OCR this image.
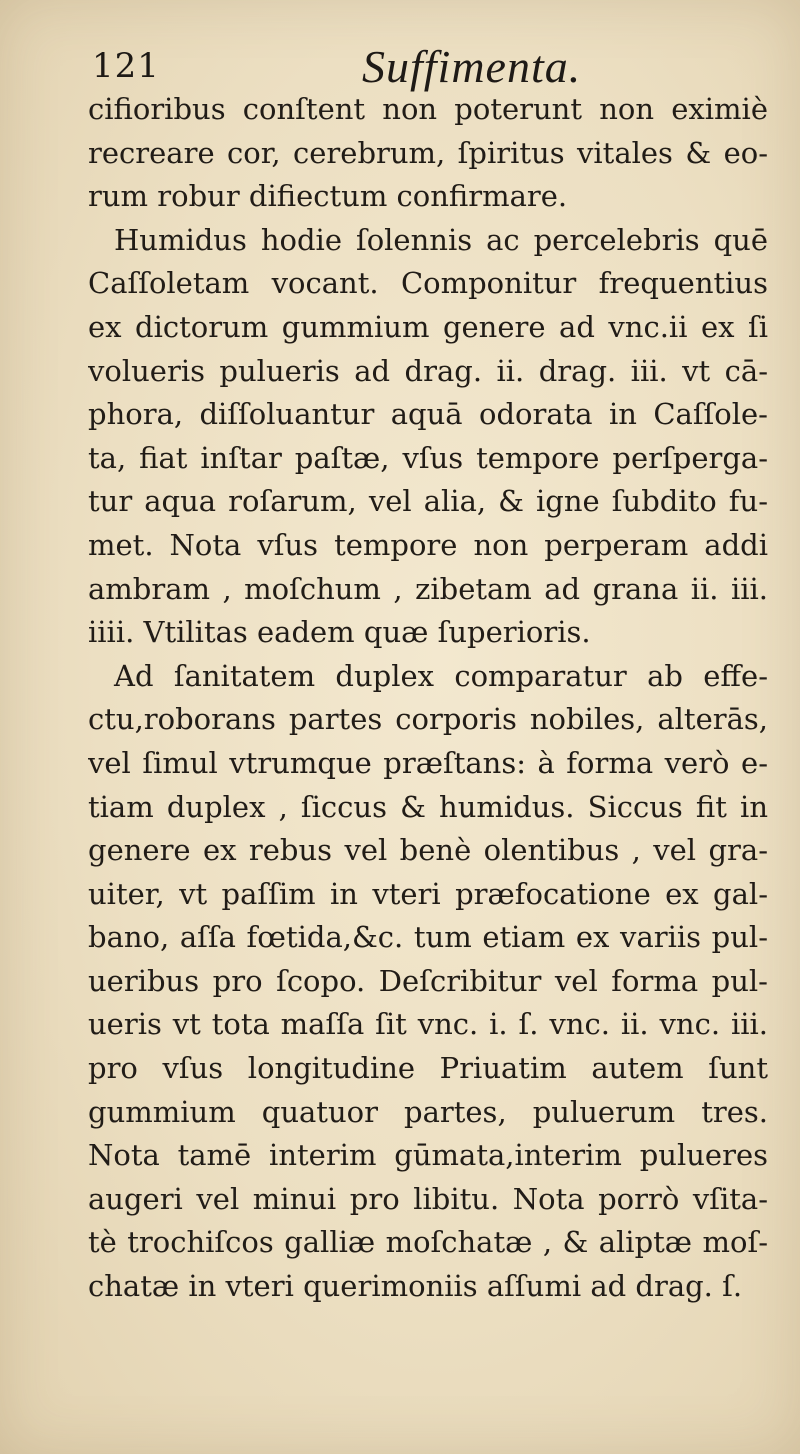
121	Suffimenta.
cifioribus conſtent non poterunt non eximiè
recreare cor, cerebrum, ſpiritus vitales & eo-
rum robur difiectum confirmare.
Humidus hodie ſolennis ac percelebris quē
Caſſoletam vocant. Componitur frequentius
ex dictorum gummium genere ad vnc.ii ex ſi
volueris pulueris ad drag. ii. drag. iii. vt cā-
phora, diſſoluantur aquā odorata in Caſſole-
ta, fiat inſtar paſtæ, vſus tempore perſperga-
tur aqua roſarum, vel alia, & igne ſubdito fu-
met. Nota vſus tempore non perperam addi
ambram , moſchum , zibetam ad grana ii. iii.
iiii. Vtilitas eadem quæ ſuperioris.
Ad ſanitatem duplex comparatur ab effe-
ctu,roborans partes corporis nobiles, alterās,
vel ſimul vtrumque præſtans: à forma verò e-
tiam duplex , ſiccus & humidus. Siccus fit in
genere ex rebus vel benè olentibus , vel gra-
uiter, vt paſſim in vteri præfocatione ex gal-
bano, aſſa fœtida,&c. tum etiam ex variis pul-
ueribus pro ſcopo. Deſcribitur vel forma pul-
ueris vt tota maſſa ſit vnc. i. ſ. vnc. ii. vnc. iii.
pro vſus longitudine Priuatim autem ſunt
gummium quatuor partes, puluerum tres.
Nota tamē interim gūmata,interim pulueres
augeri vel minui pro libitu. Nota porrò vſita-
tè trochiſcos galliæ moſchatæ , & aliptæ moſ-
chatæ in vteri querimoniis aſſumi ad drag. ſ.
